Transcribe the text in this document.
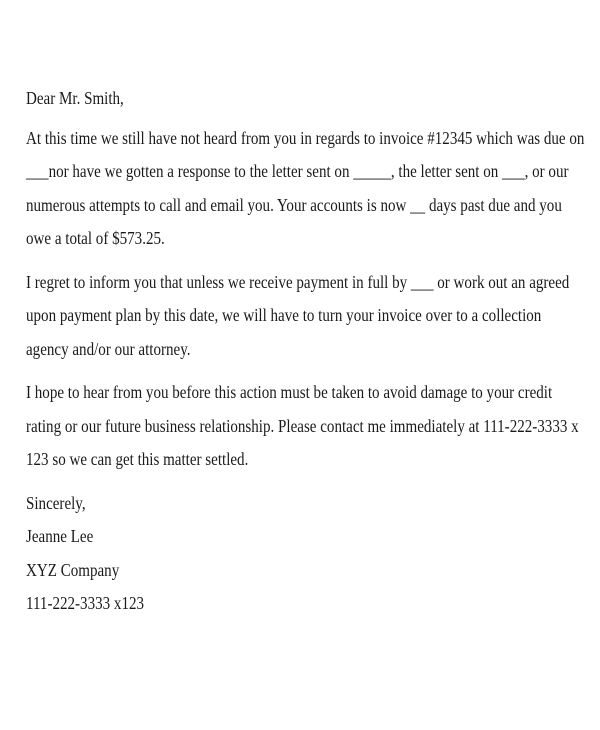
Dear Mr. Smith,

At this time we still have not heard from you in regards to invoice #12345 which was due on ___nor have we gotten a response to the letter sent on _____, the letter sent on ___, or our numerous attempts to call and email you. Your accounts is now __ days past due and you owe a total of $573.25.

I regret to inform you that unless we receive payment in full by ___ or work out an agreed upon payment plan by this date, we will have to turn your invoice over to a collection agency and/or our attorney.

I hope to hear from you before this action must be taken to avoid damage to your credit rating or our future business relationship. Please contact me immediately at 111-222-3333 x 123 so we can get this matter settled.

Sincerely,
Jeanne Lee
XYZ Company
111-222-3333 x123
